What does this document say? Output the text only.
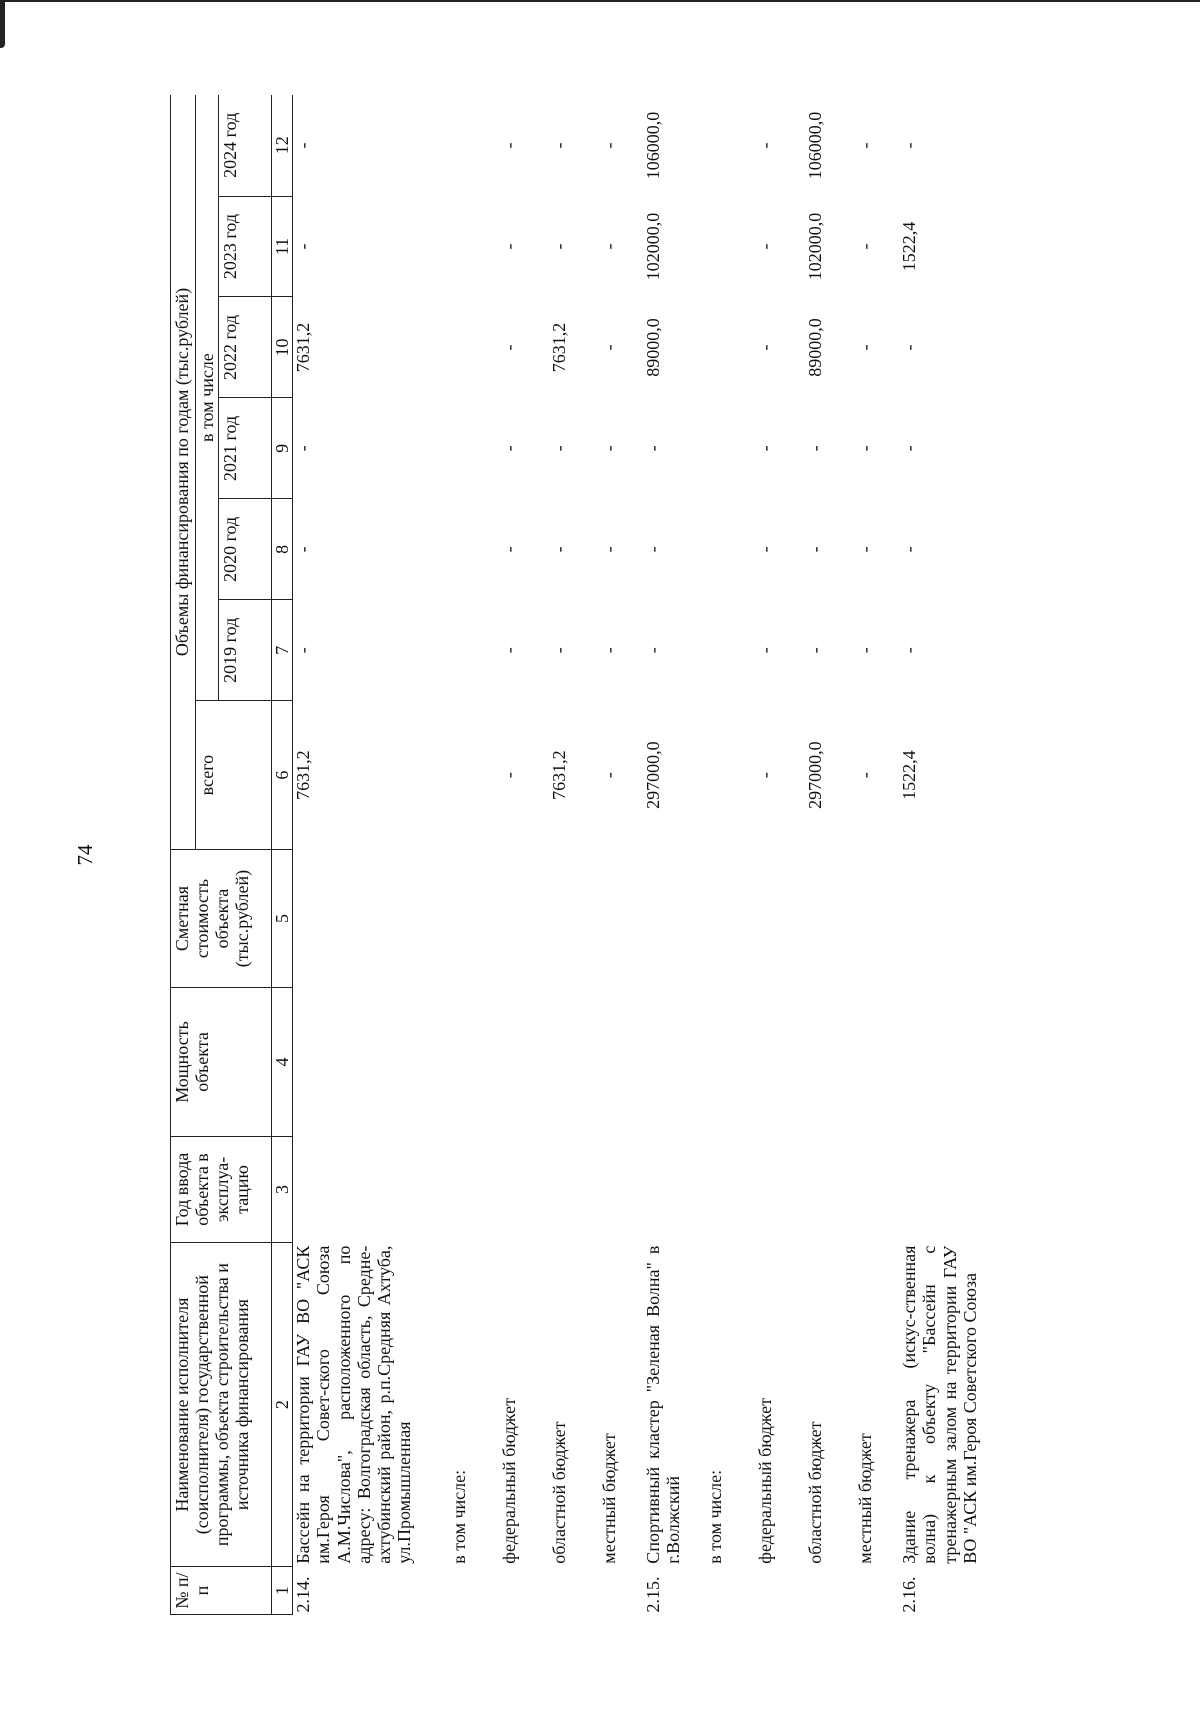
74
№ п/п	Наименование исполнителя (соисполнителя) государственной программы, объекта строительства и источника финансирования	Год ввода объекта в эксплуа-тацию	Мощность объекта	Сметная стоимость объекта (тыс.рублей)	Объемы финансирования по годам (тыс.рублей)						
					всего	в том числе					
						2019 год	2020 год	2021 год	2022 год	2023 год	2024 год
1	2	3	4	5	6	7	8	9	10	11	12
2.14.	Бассейн на территории ГАУ ВО "АСК им.Героя Совет-ского Союза А.М.Числова", расположенного по адресу: Волгоградская область, Средне-ахтубинский район, р.п.Средняя Ахтуба, ул.Промышленная				7631,2	-	-	-	7631,2	-	-
	в том числе:										
	федеральный бюджет				-	-	-	-	-	-	-
	областной бюджет				7631,2	-	-	-	7631,2	-	-
	местный бюджет				-	-	-	-	-	-	-
2.15.	Спортивный кластер "Зеленая Волна" в г.Волжский				297000,0	-	-	-	89000,0	102000,0	106000,0
	в том числе:										
	федеральный бюджет				-	-	-	-	-	-	-
	областной бюджет				297000,0	-	-	-	89000,0	102000,0	106000,0
	местный бюджет				-	-	-	-	-	-	-
2.16.	Здание тренажера (искус-ственная волна) к объекту "Бассейн с тренажерным залом на территории ГАУ ВО "АСК им.Героя Советского Союза				1522,4	-	-	-	-	1522,4	-
